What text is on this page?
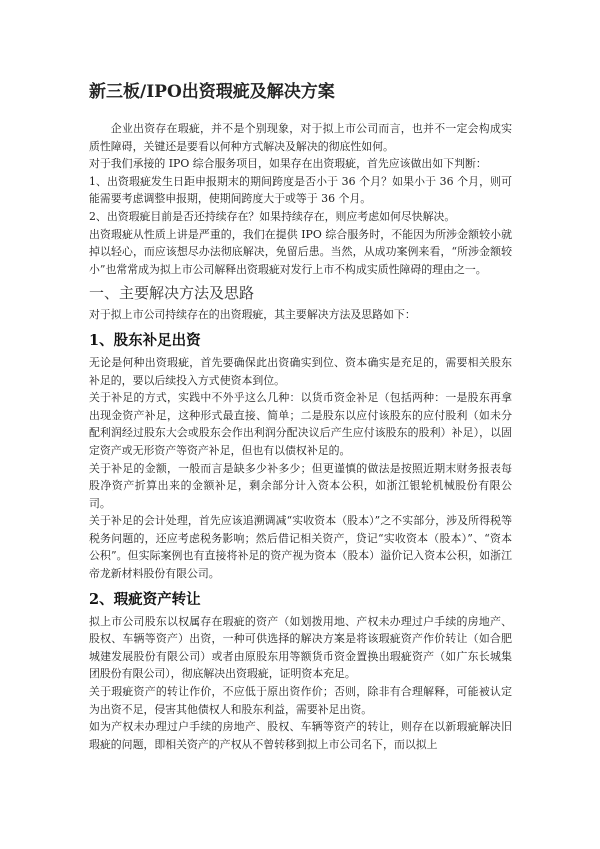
新三板/IPO出资瑕疵及解决方案

企业出资存在瑕疵，并不是个别现象，对于拟上市公司而言，也并不一定会构成实质性障碍，关键还是要看以何种方式解决及解决的彻底性如何。

对于我们承接的 IPO 综合服务项目，如果存在出资瑕疵，首先应该做出如下判断：

1、出资瑕疵发生日距申报期末的期间跨度是否小于 36 个月？如果小于 36 个月，则可能需要考虑调整申报期，使期间跨度大于或等于 36 个月。

2、出资瑕疵目前是否还持续存在？如果持续存在，则应考虑如何尽快解决。

出资瑕疵从性质上讲是严重的，我们在提供 IPO 综合服务时，不能因为所涉金额较小就掉以轻心，而应该想尽办法彻底解决，免留后患。当然，从成功案例来看，“所涉金额较小”也常常成为拟上市公司解释出资瑕疵对发行上市不构成实质性障碍的理由之一。

一、主要解决方法及思路

对于拟上市公司持续存在的出资瑕疵，其主要解决方法及思路如下：

1、股东补足出资

无论是何种出资瑕疵，首先要确保此出资确实到位、资本确实是充足的，需要相关股东补足的，要以后续投入方式使资本到位。

关于补足的方式，实践中不外乎这么几种：以货币资金补足（包括两种：一是股东再拿出现金资产补足，这种形式最直接、简单；二是股东以应付该股东的应付股利（如未分配利润经过股东大会或股东会作出利润分配决议后产生应付该股东的股利）补足），以固定资产或无形资产等资产补足，但也有以债权补足的。

关于补足的金额，一般而言是缺多少补多少；但更谨慎的做法是按照近期末财务报表每股净资产折算出来的金额补足，剩余部分计入资本公积，如浙江银轮机械股份有限公司。

关于补足的会计处理，首先应该追溯调减“实收资本（股本）”之不实部分，涉及所得税等税务问题的，还应考虑税务影响；然后借记相关资产，贷记“实收资本（股本）”、“资本公积”。但实际案例也有直接将补足的资产视为资本（股本）溢价记入资本公积，如浙江帝龙新材料股份有限公司。

2、瑕疵资产转让

拟上市公司股东以权属存在瑕疵的资产（如划拨用地、产权未办理过户手续的房地产、股权、车辆等资产）出资，一种可供选择的解决方案是将该瑕疵资产作价转让（如合肥城建发展股份有限公司）或者由原股东用等额货币资金置换出瑕疵资产（如广东长城集团股份有限公司），彻底解决出资瑕疵，证明资本充足。

关于瑕疵资产的转让作价，不应低于原出资作价；否则，除非有合理解释，可能被认定为出资不足，侵害其他债权人和股东利益，需要补足出资。

如为产权未办理过户手续的房地产、股权、车辆等资产的转让，则存在以新瑕疵解决旧瑕疵的问题，即相关资产的产权从不曾转移到拟上市公司名下，而以拟上
